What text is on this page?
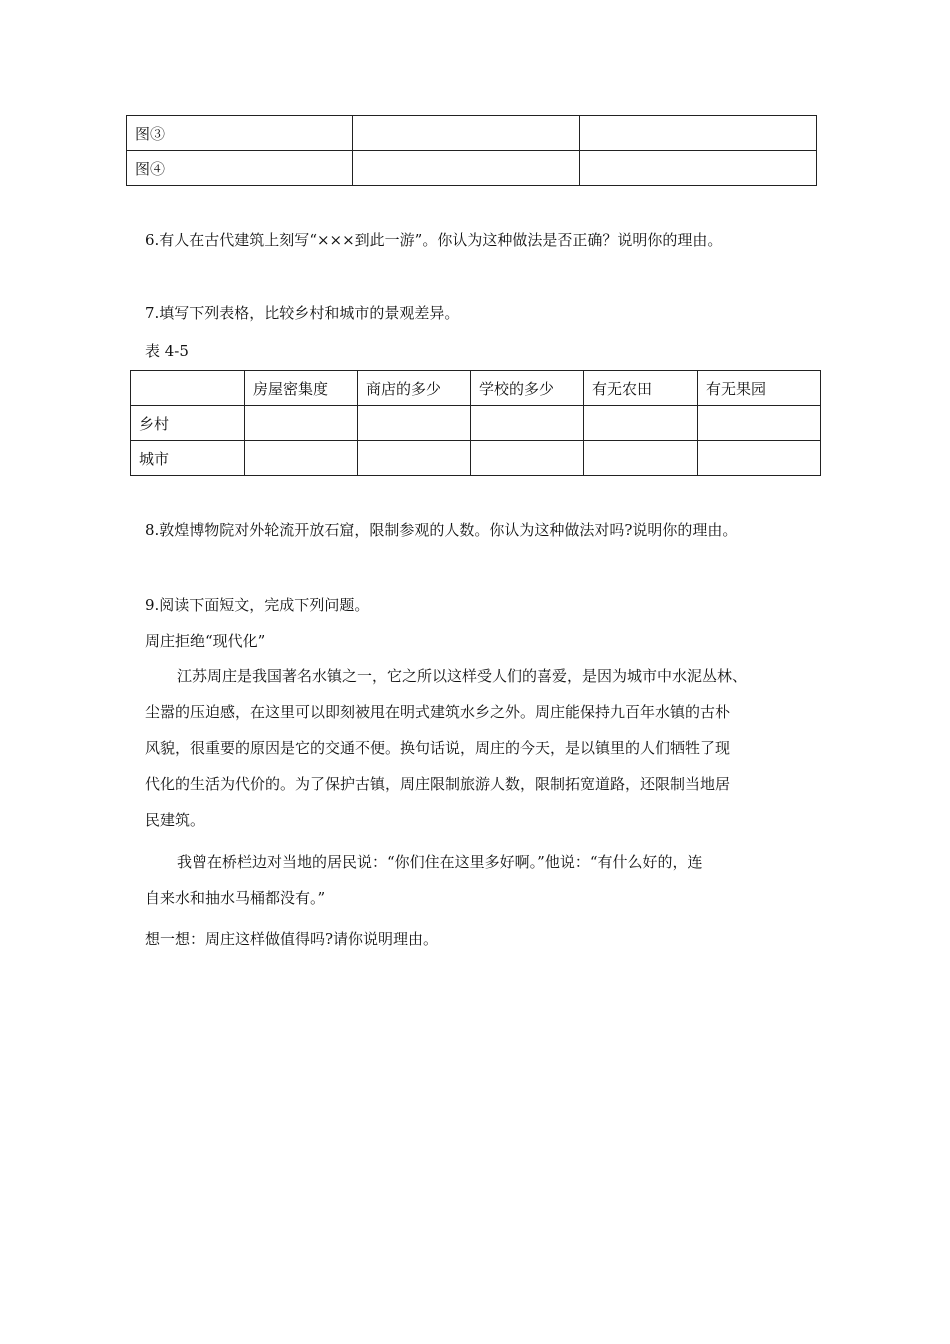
图③		
图④		
6.有人在古代建筑上刻写“×××到此一游”。你认为这种做法是否正确？说明你的理由。
7.填写下列表格，比较乡村和城市的景观差异。
表 4-5
	房屋密集度	商店的多少	学校的多少	有无农田	有无果园
乡村					
城市					
8.敦煌博物院对外轮流开放石窟，限制参观的人数。你认为这种做法对吗?说明你的理由。
9.阅读下面短文，完成下列问题。
周庄拒绝“现代化”
江苏周庄是我国著名水镇之一，它之所以这样受人们的喜爱，是因为城市中水泥丛林、
尘嚣的压迫感，在这里可以即刻被甩在明式建筑水乡之外。周庄能保持九百年水镇的古朴
风貌，很重要的原因是它的交通不便。换句话说，周庄的今天，是以镇里的人们牺牲了现
代化的生活为代价的。为了保护古镇，周庄限制旅游人数，限制拓宽道路，还限制当地居
民建筑。
我曾在桥栏边对当地的居民说：“你们住在这里多好啊。”他说：“有什么好的，连
自来水和抽水马桶都没有。”
想一想：周庄这样做值得吗?请你说明理由。
